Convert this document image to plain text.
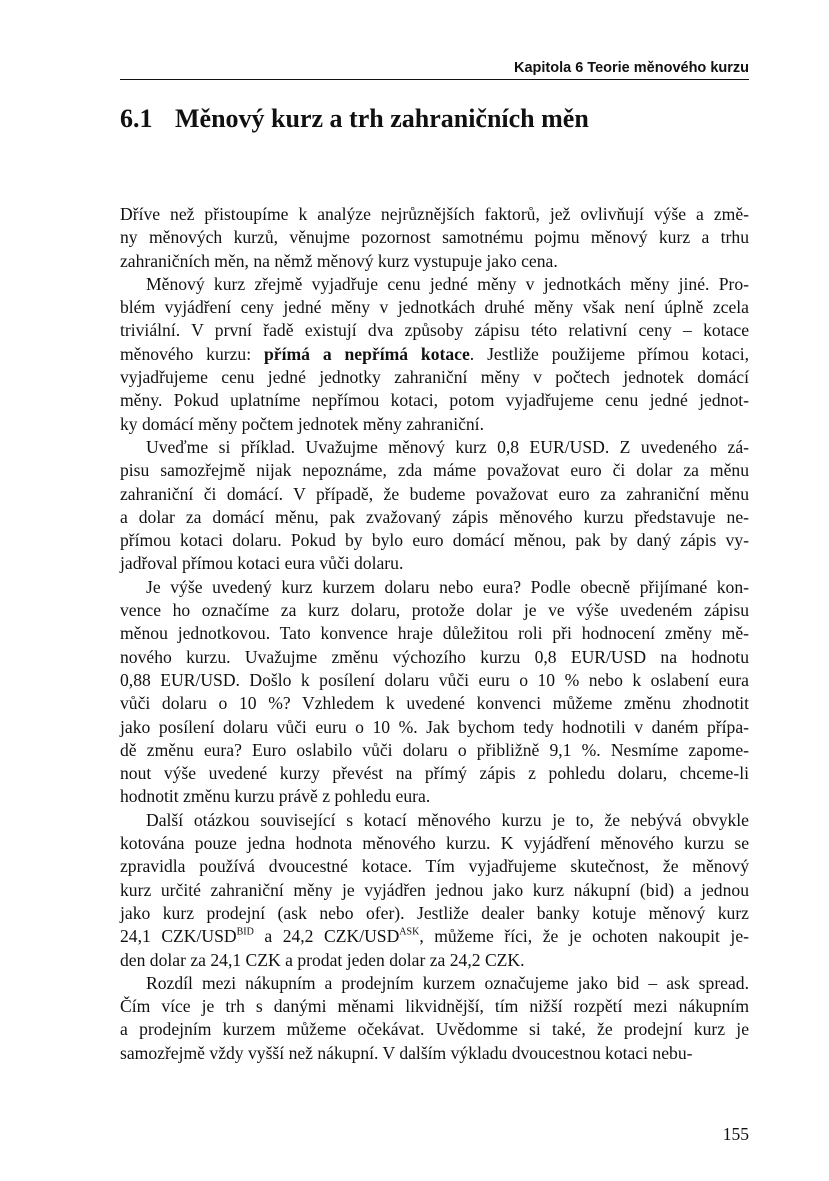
Kapitola 6 Teorie měnového kurzu
6.1 Měnový kurz a trh zahraničních měn
Dříve než přistoupíme k analýze nejrůznějších faktorů, jež ovlivňují výše a změ-
ny měnových kurzů, věnujme pozornost samotnému pojmu měnový kurz a trhu
zahraničních měn, na němž měnový kurz vystupuje jako cena.
Měnový kurz zřejmě vyjadřuje cenu jedné měny v jednotkách měny jiné. Pro-
blém vyjádření ceny jedné měny v jednotkách druhé měny však není úplně zcela
triviální. V první řadě existují dva způsoby zápisu této relativní ceny – kotace
měnového kurzu: přímá a nepřímá kotace. Jestliže použijeme přímou kotaci,
vyjadřujeme cenu jedné jednotky zahraniční měny v počtech jednotek domácí
měny. Pokud uplatníme nepřímou kotaci, potom vyjadřujeme cenu jedné jednot-
ky domácí měny počtem jednotek měny zahraniční.
Uveďme si příklad. Uvažujme měnový kurz 0,8 EUR/USD. Z uvedeného zá-
pisu samozřejmě nijak nepoznáme, zda máme považovat euro či dolar za měnu
zahraniční či domácí. V případě, že budeme považovat euro za zahraniční měnu
a dolar za domácí měnu, pak zvažovaný zápis měnového kurzu představuje ne-
přímou kotaci dolaru. Pokud by bylo euro domácí měnou, pak by daný zápis vy-
jadřoval přímou kotaci eura vůči dolaru.
Je výše uvedený kurz kurzem dolaru nebo eura? Podle obecně přijímané kon-
vence ho označíme za kurz dolaru, protože dolar je ve výše uvedeném zápisu
měnou jednotkovou. Tato konvence hraje důležitou roli při hodnocení změny mě-
nového kurzu. Uvažujme změnu výchozího kurzu 0,8 EUR/USD na hodnotu
0,88 EUR/USD. Došlo k posílení dolaru vůči euru o 10 % nebo k oslabení eura
vůči dolaru o 10 %? Vzhledem k uvedené konvenci můžeme změnu zhodnotit
jako posílení dolaru vůči euru o 10 %. Jak bychom tedy hodnotili v daném přípa-
dě změnu eura? Euro oslabilo vůči dolaru o přibližně 9,1 %. Nesmíme zapome-
nout výše uvedené kurzy převést na přímý zápis z pohledu dolaru, chceme-li
hodnotit změnu kurzu právě z pohledu eura.
Další otázkou související s kotací měnového kurzu je to, že nebývá obvykle
kotována pouze jedna hodnota měnového kurzu. K vyjádření měnového kurzu se
zpravidla používá dvoucestné kotace. Tím vyjadřujeme skutečnost, že měnový
kurz určité zahraniční měny je vyjádřen jednou jako kurz nákupní (bid) a jednou
jako kurz prodejní (ask nebo ofer). Jestliže dealer banky kotuje měnový kurz
24,1 CZK/$USD^{BID}$ a 24,2 CZK/$USD^{ASK}$, můžeme říci, že je ochoten nakoupit je-
den dolar za 24,1 CZK a prodat jeden dolar za 24,2 CZK.
Rozdíl mezi nákupním a prodejním kurzem označujeme jako bid – ask spread.
Čím více je trh s danými měnami likvidnější, tím nižší rozpětí mezi nákupním
a prodejním kurzem můžeme očekávat. Uvědomme si také, že prodejní kurz je
samozřejmě vždy vyšší než nákupní. V dalším výkladu dvoucestnou kotaci nebu-
155
